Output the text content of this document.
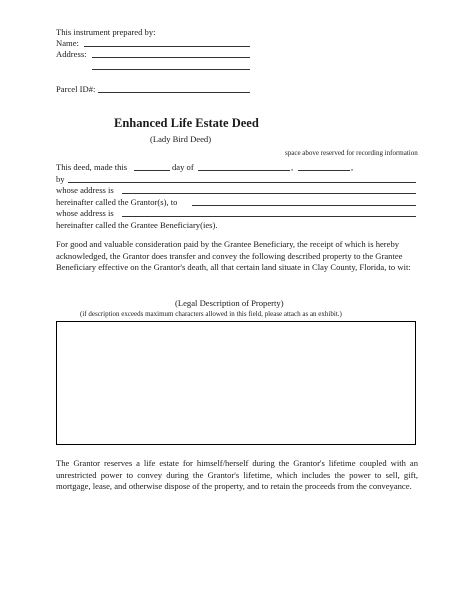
This instrument prepared by:
Name:
Address:
Parcel ID#:
Enhanced Life Estate Deed
(Lady Bird Deed)
space above reserved for recording information
This deed, made this	day of	,	,
by
whose address is
hereinafter called the Grantor(s), to
whose address is
hereinafter called the Grantee Beneficiary(ies).
For good and valuable consideration paid by the Grantee Beneficiary, the receipt of which is hereby acknowledged, the Grantor does transfer and convey the following described property to the Grantee Beneficiary effective on the Grantor's death, all that certain land situate in Clay County, Florida, to wit:
(Legal Description of Property)
(if description exceeds maximum characters allowed in this field, please attach as an exhibit.)
The Grantor reserves a life estate for himself/herself during the Grantor's lifetime coupled with an unrestricted power to convey during the Grantor's lifetime, which includes the power to sell, gift, mortgage, lease, and otherwise dispose of the property, and to retain the proceeds from the conveyance.
